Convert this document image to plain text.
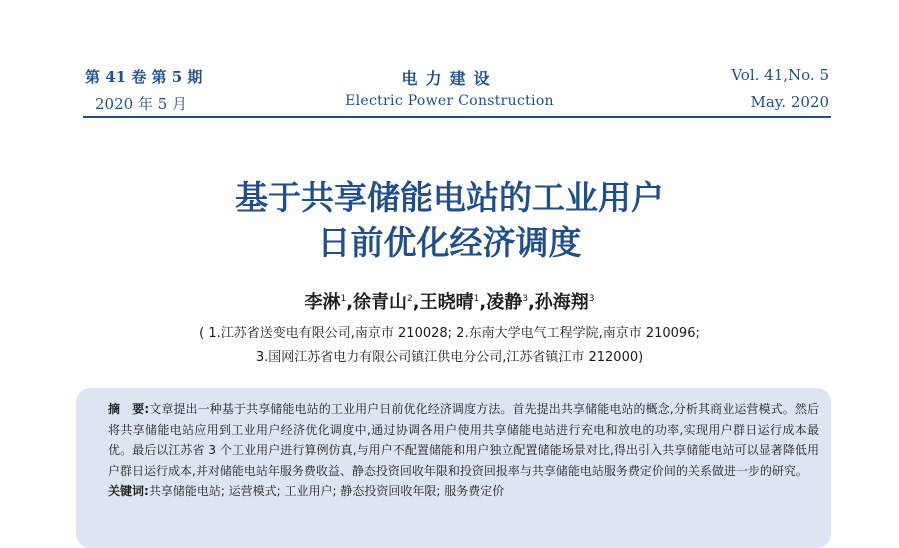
第 41 卷 第 5 期
2020 年 5 月
电力建设
Electric Power Construction
Vol. 41,No. 5
May. 2020
基于共享储能电站的工业用户
日前优化经济调度
李淋$^1$,徐青山$^2$,王晓晴$^1$,凌静$^3$,孙海翔$^3$
( 1.江苏省送变电有限公司,南京市 210028; 2.东南大学电气工程学院,南京市 210096;
3.国网江苏省电力有限公司镇江供电分公司,江苏省镇江市 212000)
摘　要:文章提出一种基于共享储能电站的工业用户日前优化经济调度方法。首先提出共享储能电站的概念,分析其商业运营模式。然后将共享储能电站应用到工业用户经济优化调度中,通过协调各用户使用共享储能电站进行充电和放电的功率,实现用户群日运行成本最优。最后以江苏省 3 个工业用户进行算例仿真,与用户不配置储能和用户独立配置储能场景对比,得出引入共享储能电站可以显著降低用户群日运行成本,并对储能电站年服务费收益、静态投资回收年限和投资回报率与共享储能电站服务费定价间的关系做进一步的研究。
关键词:共享储能电站; 运营模式; 工业用户; 静态投资回收年限; 服务费定价
